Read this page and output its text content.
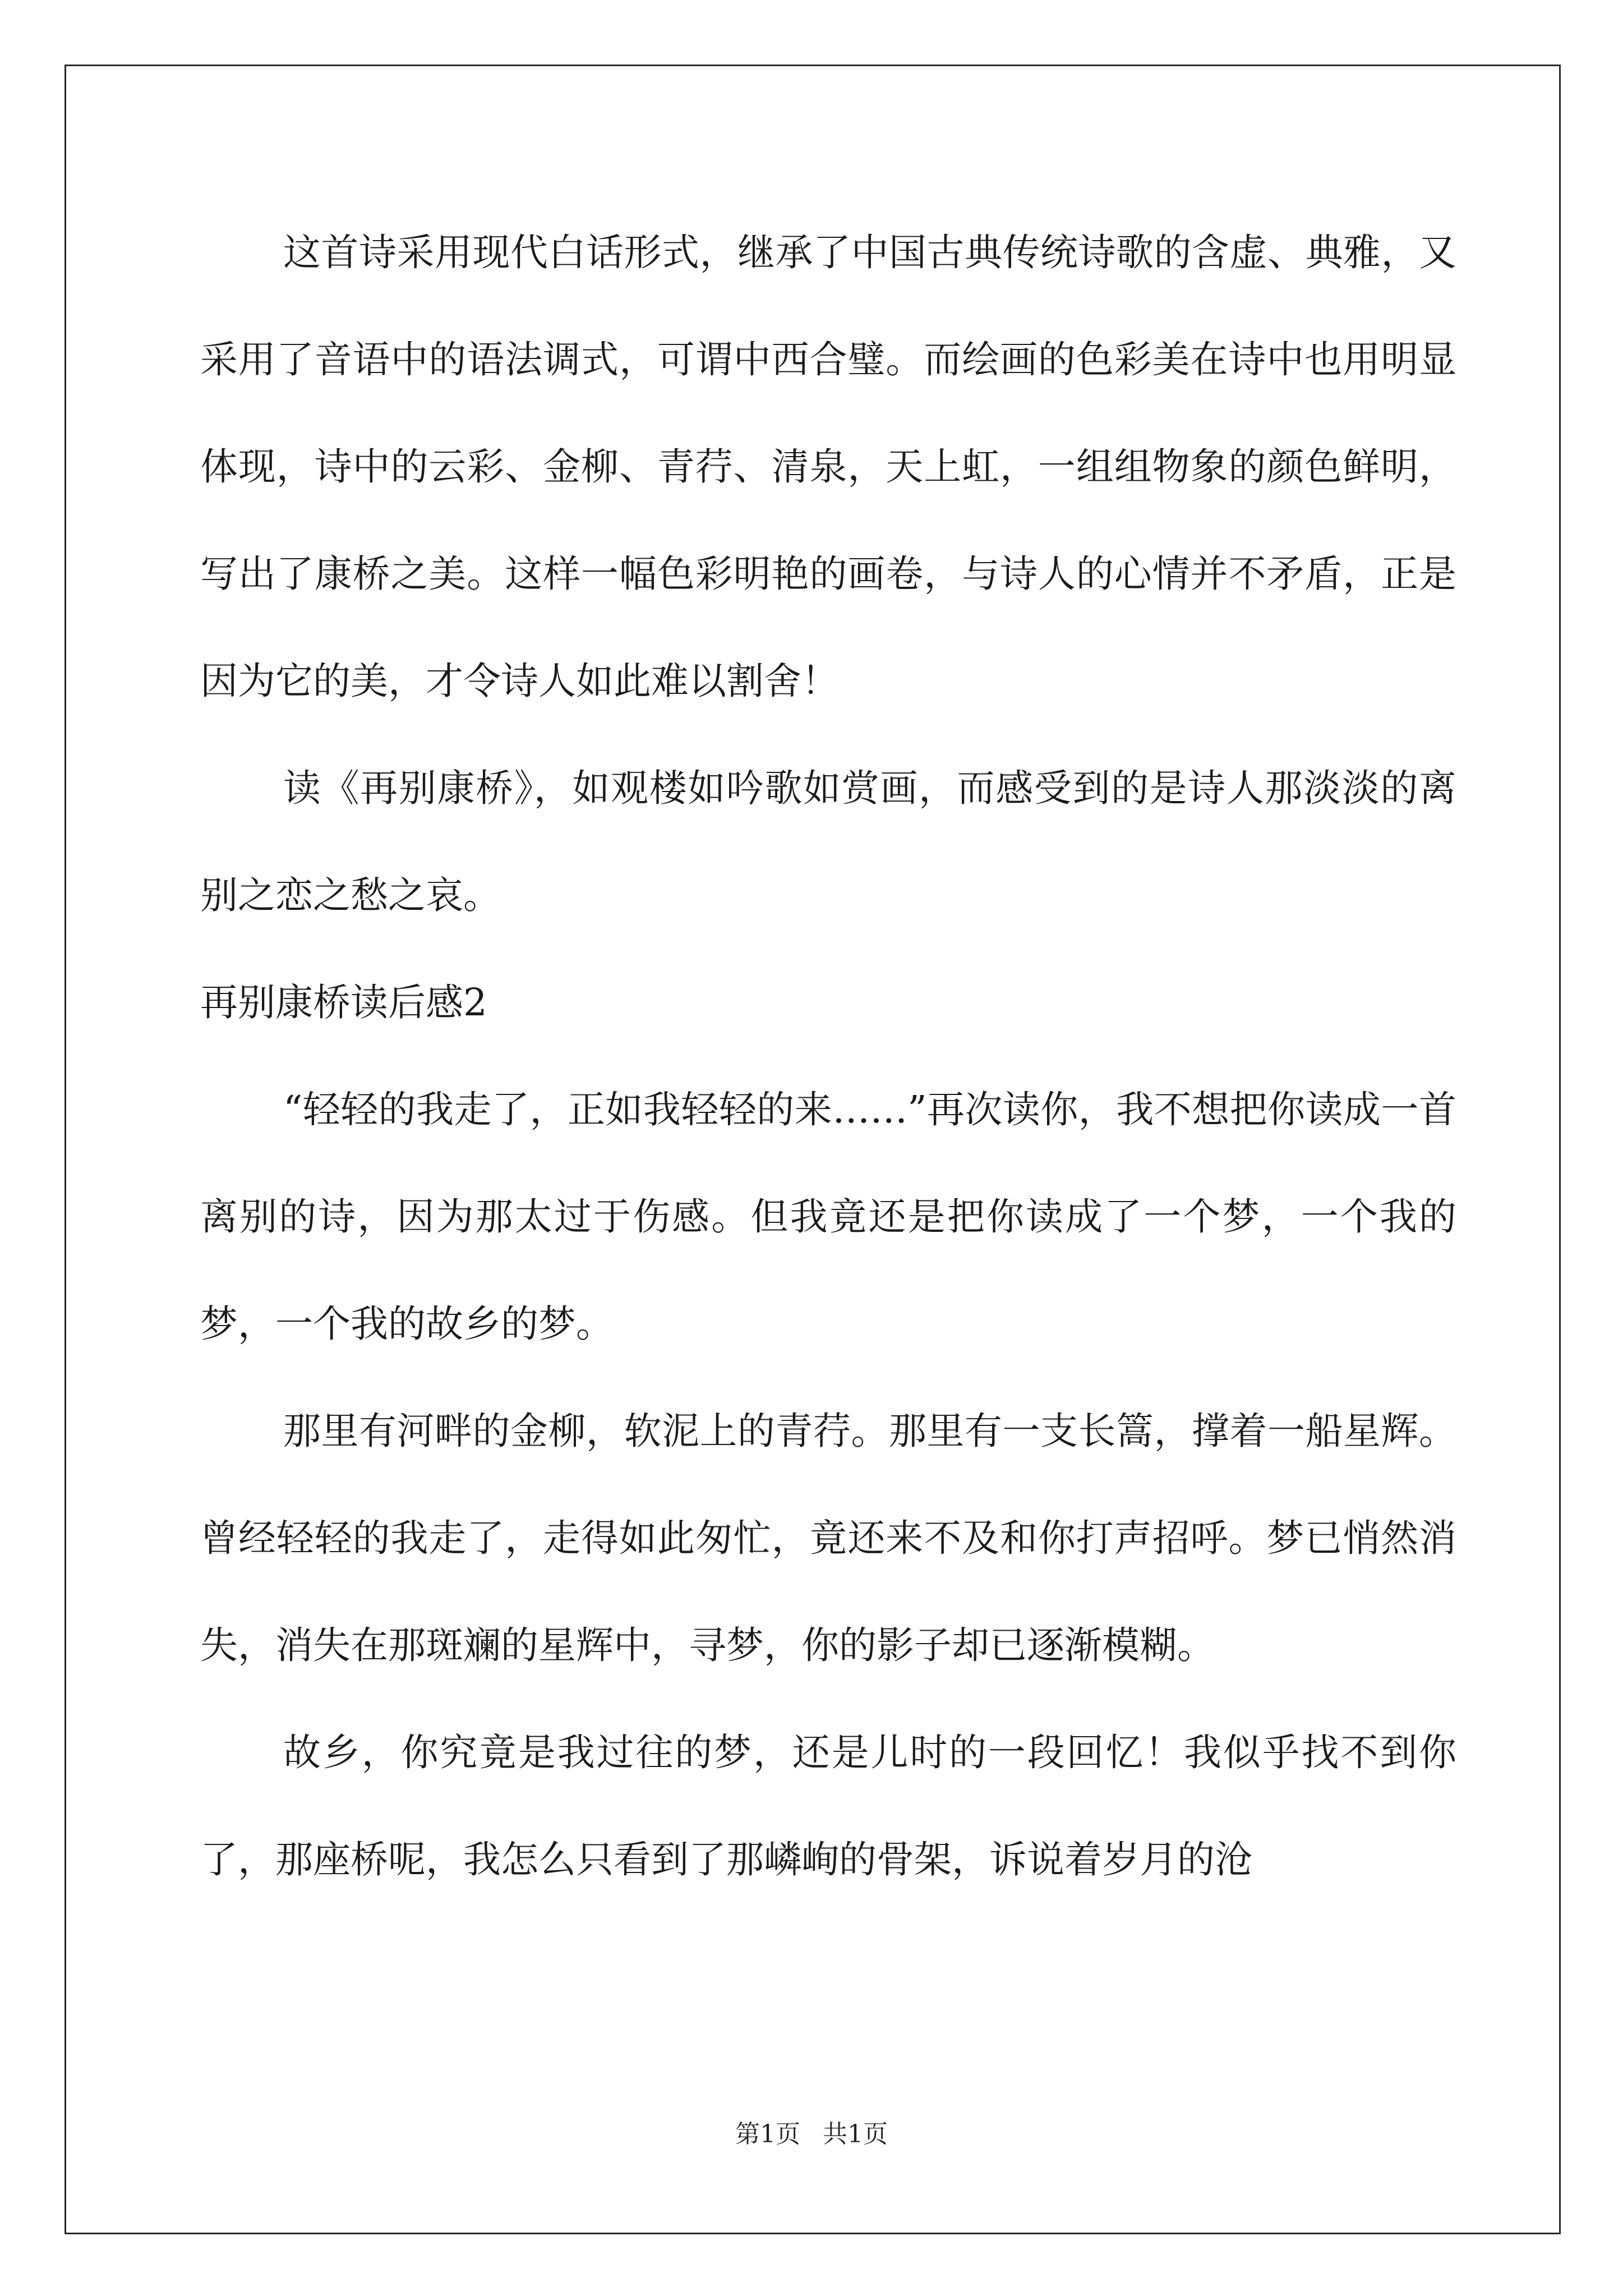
这首诗采用现代白话形式，继承了中国古典传统诗歌的含虚、典雅，又采用了音语中的语法调式，可谓中西合璧。而绘画的色彩美在诗中也用明显体现，诗中的云彩、金柳、青荇、清泉，天上虹，一组组物象的颜色鲜明，写出了康桥之美。这样一幅色彩明艳的画卷，与诗人的心情并不矛盾，正是因为它的美，才令诗人如此难以割舍！

读《再别康桥》，如观楼如吟歌如赏画，而感受到的是诗人那淡淡的离别之恋之愁之哀。

再别康桥读后感2

“轻轻的我走了，正如我轻轻的来……”再次读你，我不想把你读成一首离别的诗，因为那太过于伤感。但我竟还是把你读成了一个梦，一个我的梦，一个我的故乡的梦。

那里有河畔的金柳，软泥上的青荇。那里有一支长篙，撑着一船星辉。曾经轻轻的我走了，走得如此匆忙，竟还来不及和你打声招呼。梦已悄然消失，消失在那斑斓的星辉中，寻梦，你的影子却已逐渐模糊。

故乡，你究竟是我过往的梦，还是儿时的一段回忆！我似乎找不到你了，那座桥呢，我怎么只看到了那嶙峋的骨架，诉说着岁月的沧

第1页 共1页
